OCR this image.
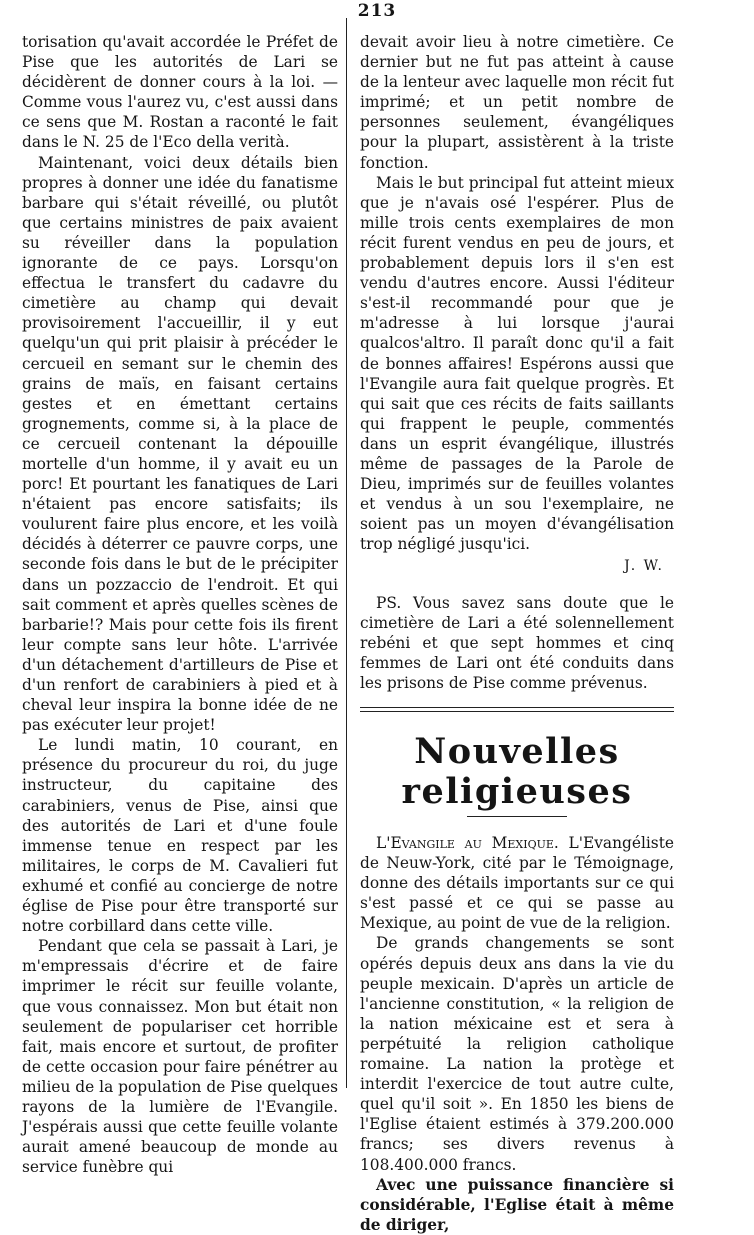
213

torisation qu'avait accordée le Préfet de Pise que les autorités de Lari se décidèrent de donner cours à la loi. — Comme vous l'aurez vu, c'est aussi dans ce sens que M. Rostan a raconté le fait dans le N. 25 de l'Eco della verità.

Maintenant, voici deux détails bien propres à donner une idée du fanatisme barbare qui s'était réveillé, ou plutôt que certains ministres de paix avaient su réveiller dans la population ignorante de ce pays. Lorsqu'on effectua le transfert du cadavre du cimetière au champ qui devait provisoirement l'accueillir, il y eut quelqu'un qui prit plaisir à précéder le cercueil en semant sur le chemin des grains de maïs, en faisant certains gestes et en émettant certains grognements, comme si, à la place de ce cercueil contenant la dépouille mortelle d'un homme, il y avait eu un porc! Et pourtant les fanatiques de Lari n'étaient pas encore satisfaits; ils voulurent faire plus encore, et les voilà décidés à déterrer ce pauvre corps, une seconde fois dans le but de le précipiter dans un pozzaccio de l'endroit. Et qui sait comment et après quelles scènes de barbarie!? Mais pour cette fois ils firent leur compte sans leur hôte. L'arrivée d'un détachement d'artilleurs de Pise et d'un renfort de carabiniers à pied et à cheval leur inspira la bonne idée de ne pas exécuter leur projet!

Le lundi matin, 10 courant, en présence du procureur du roi, du juge instructeur, du capitaine des carabiniers, venus de Pise, ainsi que des autorités de Lari et d'une foule immense tenue en respect par les militaires, le corps de M. Cavalieri fut exhumé et confié au concierge de notre église de Pise pour être transporté sur notre corbillard dans cette ville.

Pendant que cela se passait à Lari, je m'empressais d'écrire et de faire imprimer le récit sur feuille volante, que vous connaissez. Mon but était non seulement de populariser cet horrible fait, mais encore et surtout, de profiter de cette occasion pour faire pénétrer au milieu de la population de Pise quelques rayons de la lumière de l'Evangile. J'espérais aussi que cette feuille volante aurait amené beaucoup de monde au service funèbre qui

devait avoir lieu à notre cimetière. Ce dernier but ne fut pas atteint à cause de la lenteur avec laquelle mon récit fut imprimé; et un petit nombre de personnes seulement, évangéliques pour la plupart, assistèrent à la triste fonction.

Mais le but principal fut atteint mieux que je n'avais osé l'espérer. Plus de mille trois cents exemplaires de mon récit furent vendus en peu de jours, et probablement depuis lors il s'en est vendu d'autres encore. Aussi l'éditeur s'est-il recommandé pour que je m'adresse à lui lorsque j'aurai qualcos'altro. Il paraît donc qu'il a fait de bonnes affaires! Espérons aussi que l'Evangile aura fait quelque progrès. Et qui sait que ces récits de faits saillants qui frappent le peuple, commentés dans un esprit évangélique, illustrés même de passages de la Parole de Dieu, imprimés sur de feuilles volantes et vendus à un sou l'exemplaire, ne soient pas un moyen d'évangélisation trop négligé jusqu'ici.

J. W.

PS. Vous savez sans doute que le cimetière de Lari a été solennellement rebéni et que sept hommes et cinq femmes de Lari ont été conduits dans les prisons de Pise comme prévenus.

Nouvelles religieuses

L'Evangile au Mexique. L'Evangéliste de Neuw-York, cité par le Témoignage, donne des détails importants sur ce qui s'est passé et ce qui se passe au Mexique, au point de vue de la religion.

De grands changements se sont opérés depuis deux ans dans la vie du peuple mexicain. D'après un article de l'ancienne constitution, « la religion de la nation méxicaine est et sera à perpétuité la religion catholique romaine. La nation la protège et interdit l'exercice de tout autre culte, quel qu'il soit ». En 1850 les biens de l'Eglise étaient estimés à 379.200.000 francs; ses divers revenus à 108.400.000 francs.

Avec une puissance financière si considérable, l'Eglise était à même de diriger,
